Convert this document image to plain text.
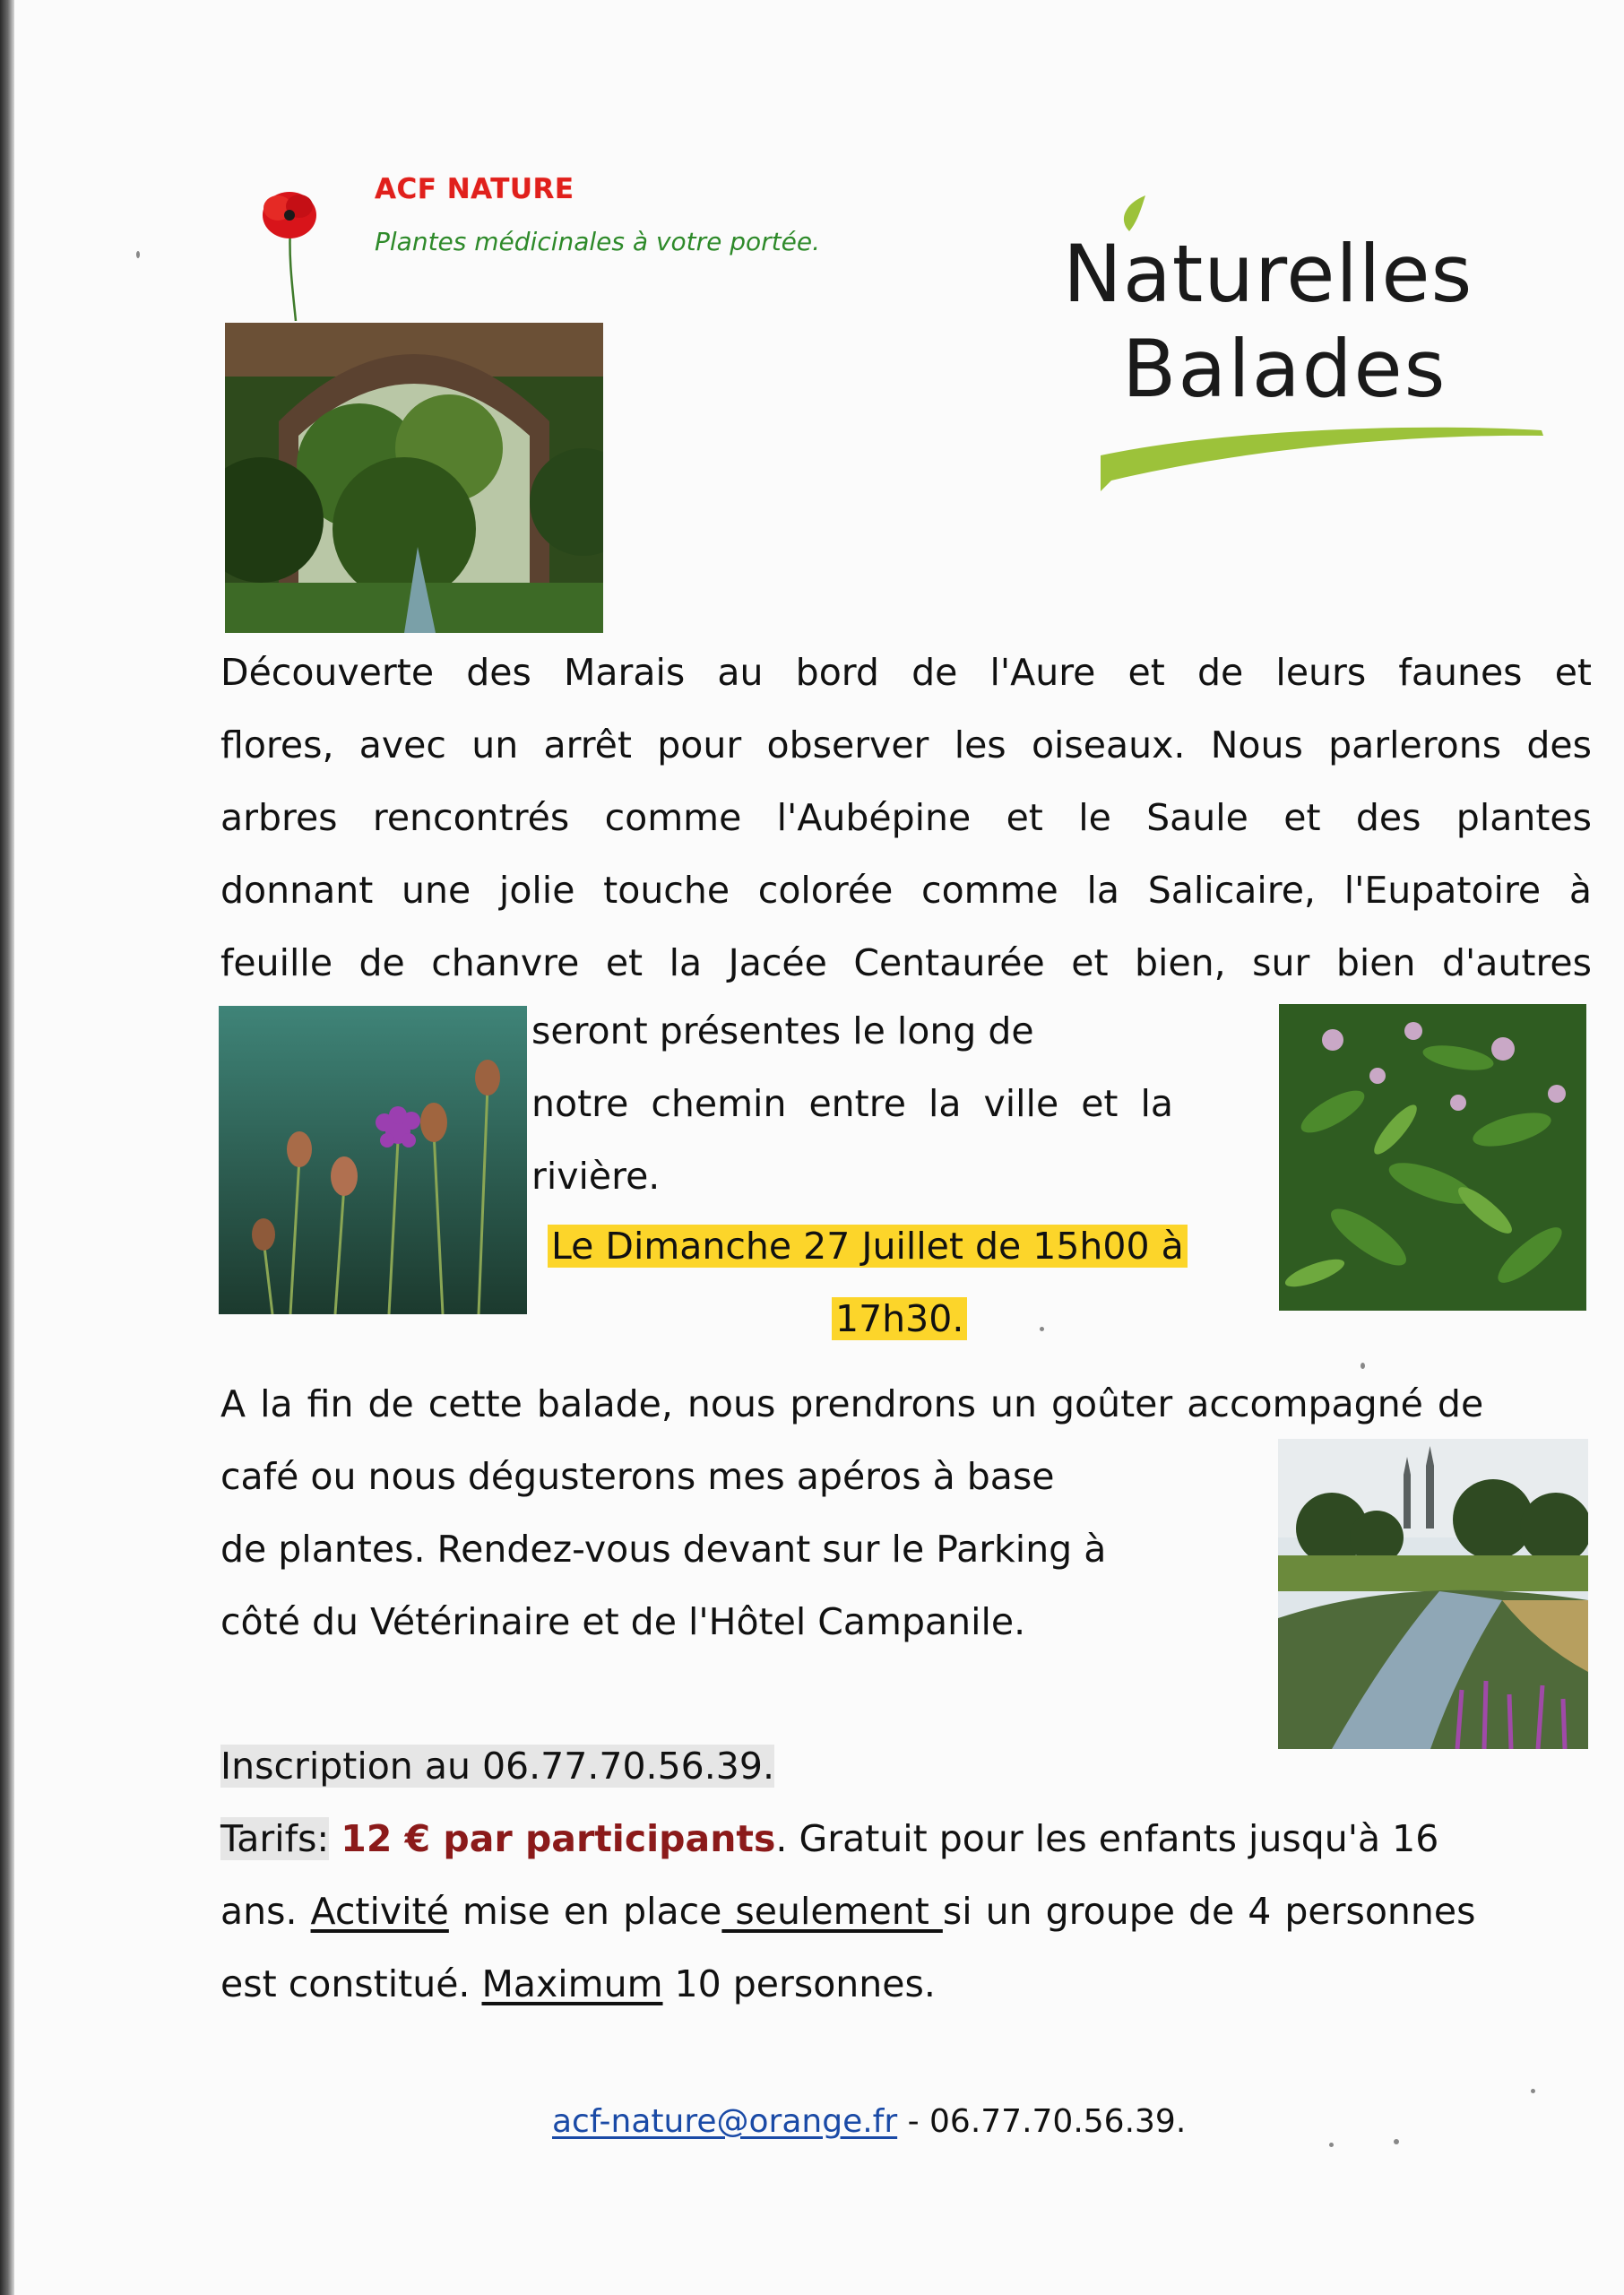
ACF NATURE
Plantes médicinales à votre portée.	Naturelles
Balades
Découverte des Marais au bord de l'Aure et de leurs faunes et
flores, avec un arrêt pour observer les oiseaux. Nous parlerons des
arbres rencontrés comme l'Aubépine et le Saule et des plantes
donnant une jolie touche colorée comme la Salicaire, l'Eupatoire à
feuille de chanvre et la Jacée Centaurée et bien, sur bien d'autres
seront présentes le long de
notre chemin entre la ville et la
rivière.
Le Dimanche 27 Juillet de 15h00 à
17h30.
A la fin de cette balade, nous prendrons un goûter accompagné de
café ou nous dégusterons mes apéros à base
de plantes. Rendez-vous devant sur le Parking à
côté du Vétérinaire et de l'Hôtel Campanile.
Inscription au 06.77.70.56.39.
Tarifs: 12 € par participants. Gratuit pour les enfants jusqu'à 16
ans. Activité mise en place seulement si un groupe de 4 personnes
est constitué. Maximum 10 personnes.
acf-nature@orange.fr - 06.77.70.56.39.
